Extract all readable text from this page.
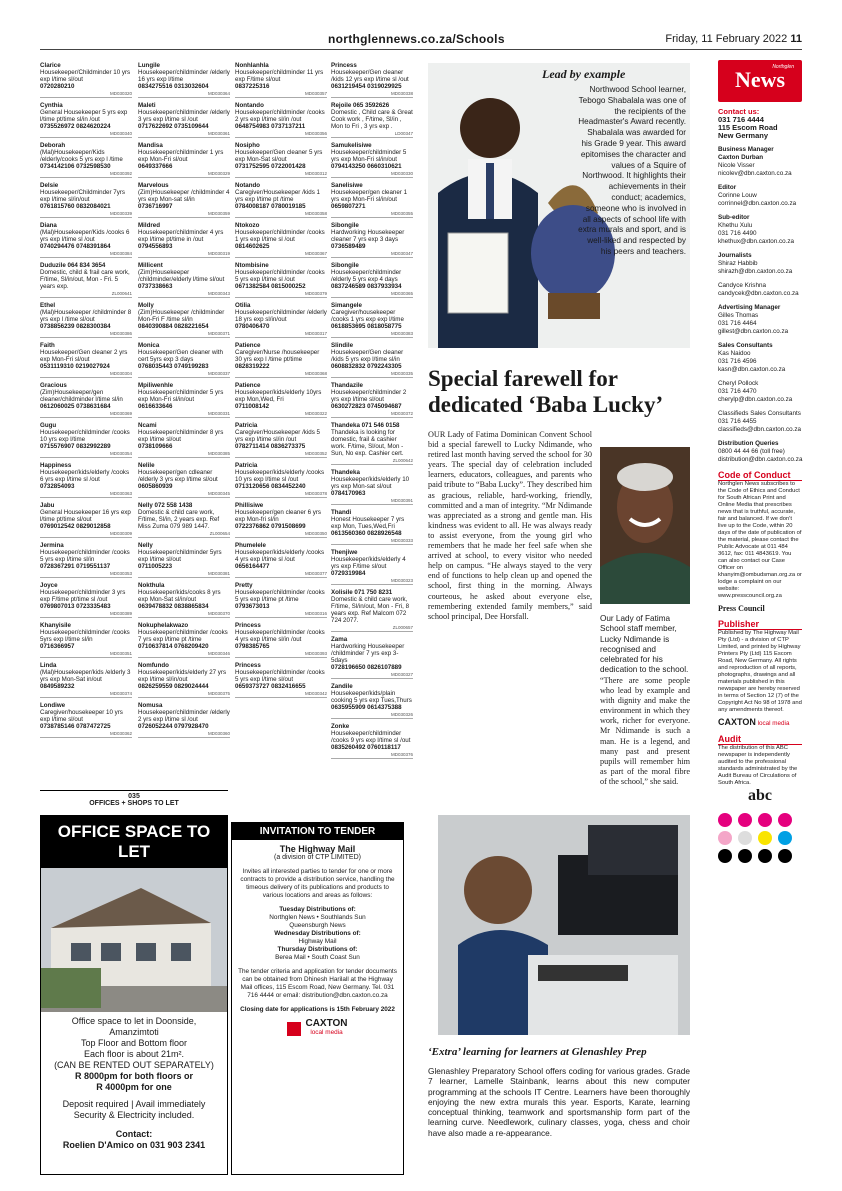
northglennews.co.za/Schools	Friday, 11 February 2022 11
Clarice
Housekeeper/Childminder 10 yrs exp l/time sl/out
0720280210
MD030320
Cynthia
General Housekeeper 5 yrs exp l/time pt/time sl/in /out
0735526972 0824620224
MD030340
Deborah
(Mal)Housekeeper/Kids /elderly/cooks 5 yrs exp l /time
0734142106 0732598530
MD030392
Delsie
Housekeeper/Childminder 7yrs exp l/time sl/in/out
0761815760 0832084021
MD030339
Diana
(Mal)Housekeeper/Kids /cooks 6 yrs exp l/time sl /out
0740294476 0748391864
MD030384
Duduzile 064 834 3654
Domestic, child & frail care work, F/time, Sl/in/out, Mon - Fri. 5 years exp.
ZL000641
Ethel
(Mal)Housekeeper /childminder 8 yrs exp l /time sl/out
0738856239 0828300384
MD030386
Faith
Housekeeper/Gen cleaner 2 yrs exp Mon-Fri sl/out
0531119310 0219027924
MD030304
Gracious
(Zim)Housekeeper/gen cleaner/childminder l/time sl/in
0612060025 0738631684
MD030369
Gugu
Housekeeper/childminder /cooks 10 yrs exp l/time
0715576907 0832992289
MD030354
Happiness
Housekeeper/kids/elderly /cooks 6 yrs exp l/time sl /out
0732854093
MD030363
Jabu
General Housekeeper 16 yrs exp l/time pt/time sl/out
0769012542 0829012858
MD030309
Jermina
Housekeeper/childminder /cooks 5 yrs exp l/time sl/in
0728367291 0719551137
MD030353
Joyce
Housekeeper/childminder 3 yrs exp F/time pt/time sl /out
0769807013 0723335483
MD030389
Khanyisile
Housekeeper/childminder /cooks 5yrs exp l/time sl/in
0716366957
MD030351
Linda
(Mal)Housekeeper/kids /elderly 3 yrs exp Mon-Sat in/out
0849589232
MD030374
Londiwe
Caregiver/housekeeper 10 yrs exp l/time sl/out
0738785146 0787472725
MD030362
Lungile
Housekeeper/childminder /elderly 16 yrs exp l/time
0834275516 0313032604
MD030364
Maleti
Housekeeper/childminder /elderly 3 yrs exp l/time sl /out
0717622692 0735109644
MD030361
Mandisa
Housekeeper/childminder 1 yrs exp Mon-Fri sl/out
0649337666
MD030329
Marvelous
(Zim)Housekeeper /childminder 4 yrs exp Mon-sat sl/in
0736716997
MD030359
Mildred
Housekeeper/childminder 4 yrs exp l/time pt/time in /out
0794556893
MD030319
Millicent
(Zim)Housekeeper /childminder/elderly l/time sl/out
0737338663
MD030343
Molly
(Zim)Housekeeper /childminder Mon-Fri F /time sl/in
0840390884 0828221654
MD030371
Monica
Housekeeper/Gen cleaner with cert 5yrs exp 3 days
0768035443 0749199283
MD030337
Mpiliwenhle
Housekeeper/childminder 5 yrs exp Mon-Fri sl/in/out
0616633646
MD030331
Ncami
Housekeeper/childminder 8 yrs exp l/time sl/out
0738109666
MD030385
Nelile
Housekeeper/gen cdleaner /elderly 3 yrs exp l/time sl/out
0605860939
MD030345
Nelly 072 558 1438
Domestic & child care work, F/time, Sl/in, 2 years exp. Ref Miss Zuma 079 989 1447.
ZL000654
Nelly
Housekeeper/childminder 5yrs exp l/time sl/out
0711005223
MD030381
Nokthula
Housekeeper/kids/cooks 8 yrs exp Mon-Sat sl/in/out
0639478832 0838865834
MD030370
Nokuphelakwazo
Housekeeper/childminder /cooks 7 yrs exp l/time pt /time
0710637814 0768209420
MD030346
Nomfundo
Housekeeper/kids/elderly 27 yrs exp l/time sl/in/out
0826259559 0829024444
MD030375
Nomusa
Housekeeper/childminder /elderly 2 yrs exp l/time sl /out
0726052244 0797928470
MD030360
Nonhlanhla
Housekeeper/childminder 11 yrs exp F/time sl/out
0837225316
MD030357
Nontando
Housekeeper/childminder /cooks 2 yrs exp l/time sl/in /out
0648754983 0737137211
MD030356
Nosipho
Housekeeper/Gen cleaner 5 yrs exp Mon-Sat sl/out
0731752595 0722001428
MD030312
Notando
Caregiver/Housekeeper /kids 1 yrs exp l/time pt /time
0784008187 0780019185
MD030358
Ntokozo
Housekeeper/childminder /cooks 1 yrs exp l/time sl /out
0814602625
MD030367
Ntombisine
Housekeeper/childminder /cooks 5 yrs exp l/time sl /out
0671382584 0815000252
MD030379
Otilia
Housekeeper/childminder /elderly 18 yrs exp sl/in/out
0780406470
MD030317
Patience
Caregiver/Nurse /housekeeper 30 yrs exp l /time pt/time
0828319222
MD030368
Patience
Housekeeper/kids/elderly 10yrs exp Mon,Wed, Fri
0711008142
MD030322
Patricia
Caregiver/Housekeeper /kids 5 yrs exp l/time sl/in /out
0782711414 0836273375
MD030352
Patricia
Housekeeper/kids/elderly /cooks 10 yrs exp l/time sl /out
0713120656 0834452240
MD030378
Phillisiwe
Housekeeper/gen cleaner 6 yrs exp Mon-fri sl/in
0722376862 0791508699
MD030350
Phumelele
Housekeeper/kids/elderly /cooks 4 yrs exp l/time sl /out
0656164477
MD030377
Pretty
Housekeeper/childminder /cooks 5 yrs exp l/time pt /time
0793673013
MD030316
Princess
Housekeeper/childminder /cooks 4 yrs exp l/time sl/in /out
0798385765
MD030393
Princess
Housekeeper/childminder /cooks 5 yrs exp l/time sl/out
0659373727 0832416655
MD030342
Princess
Housekeeper/Gen cleaner /kids 12 yrs exp l/time sl /out
0631219454 0319029925
MD030338
Rejoile 065 3592626
Domestic , Child care & Great Cook work , F/time, Sl/in , Mon to Fri , 3 yrs exp .
LD00347
Samukelisiwe
Housekeeper/childminder 5 yrs exp Mon-Fri sl/in/out
0794143250 0660310621
MD030330
Sanelisiwe
Housekeeper/gen cleaner 1 yrs exp Mon-Fri sl/in/out
0659807271
MD030355
Sibongile
Hardworking Housekeeper cleaner 7 yrs exp 3 days
0736589489
MD030347
Sibongile
Housekeeper/childminder /elderly 5 yrs exp 4 days
0837246589 0837933934
MD030365
Simangele
Caregiver/housekeeper /cooks 1 yrs exp exp l/time
0618853695 0818058775
MD030383
Slindile
Housekeeper/Gen cleaner /kids 5 yrs exp l/time sl/in
0608832832 0792243305
MD030335
Thandazile
Housekeeper/childminder 2 yrs exp l/time sl/out
0630272823 0745094687
MD030372
Thandeka 071 546 0158
Thandeka is looking for domestic, frail & cashier work. F/time, Sl/out, Mon - Sun, No exp. Cashier cert.
ZL000642
Thandeka
Housekeeper/kids/elderly 10 yrs exp Mon-sat sl/out
0784170963
MD030391
Thandi
Honest Housekeeper 7 yrs exp Mon, Tues,Wed,Fri
0613560360 0828926548
MD030333
Thenjiwe
Housekeeper/kids/elderly 4 yrs exp F/time sl/out
0729319984
MD030323
Xolisile 071 750 8231
Domestic & child care work, F/time, Sl/in/out, Mon - Fri, 8 years exp. Ref Malcom 072 724 2077.
ZL000657
Zama
Hardworking Housekeeper /childminder 7 yrs exp 3-5days
0728196650 0826107889
MD030327
Zandile
Housekeeper/kids/plain cooking 5 yrs exp Tues,Thurs
0635955909 0614375388
MD030326
Zonke
Housekeeper/childminder /cooks 9 yrs exp l/time sl /out
0835260492 0760118117
MD030376
035
OFFICES + SHOPS TO LET
OFFICE SPACE TO LET
Office space to let in Doonside, Amanzimtoti
Top Floor and Bottom floor
Each floor is about 21m².
(CAN BE RENTED OUT SEPARATELY)
R 8000pm for both floors or
R 4000pm for one
Deposit required | Avail immediately
Security & Electricity included.
Contact:
Roelien D'Amico on 031 903 2341
INVITATION TO TENDER
The Highway Mail
(a division of CTP LIMITED)
Invites all interested parties to tender for one or more contracts to provide a distribution service, handling the timeous delivery of its publications and products to various locations and areas as follows:
Tuesday Distributions of:
Northglen News • Southlands Sun
Queensburgh News
Wednesday Distributions of:
Highway Mail
Thursday Distributions of:
Berea Mail • South Coast Sun
The tender criteria and application for tender documents can be obtained from Dhinesh Harilall at the Highway Mail offices, 115 Escom Road, New Germany. Tel. 031 716 4444 or email: distribution@dbn.caxton.co.za
Closing date for applications is 15th February 2022
CAXTON
local media
Lead by example
Northwood School learner, Tebogo Shabalala was one of the recipients of the Headmaster's Award recently. Shabalala was awarded for his Grade 9 year. This award epitomises the character and values of a Squire of Northwood. It highlights their achievements in their conduct; academics, someone who is involved in all aspects of school life with extra murals and sport, and is well-liked and respected by his peers and teachers.
Special farewell for dedicated ‘Baba Lucky’
OUR Lady of Fatima Dominican Convent School bid a special farewell to Lucky Ndimande, who retired last month having served the school for 30 years. The special day of celebration included learners, educators, colleagues, and parents who paid tribute to “Baba Lucky”. They described him as gracious, reliable, hard-working, friendly, committed and a man of integrity. “Mr Ndimande was appreciated as a strong and gentle man. His kindness was evident to all. He was always ready to assist everyone, from the young girl who remembers that he made her feel safe when she arrived at school, to every visitor who needed help on campus. “He always stayed to the very end of functions to help clean up and opened the school, first thing in the morning. Always courteous, he asked about everyone else, remembering extended family members,” said school principal, Dee Horsfall.	Our Lady of Fatima School staff member, Lucky Ndimande is recognised and celebrated for his dedication to the school.
“There are some people who lead by example and with dignity and make the environment in which they work, richer for everyone. Mr Ndimande is such a man. He is a legend, and many past and present pupils will remember him as part of the moral fibre of the school,” she said.
‘Extra’ learning for learners at Glenashley Prep
Glenashley Preparatory School offers coding for various grades. Grade 7 learner, Lamelle Stainbank, learns about this new computer programming at the schools IT Centre. Learners have been thoroughly enjoying the new extra murals this year. Esports, Karate, learning conceptual thinking, teamwork and sportsmanship form part of the learning curve. Needlework, culinary classes, yoga, chess and choir have also made a re-appearance.
Northglen
News
Contact us:
031 716 4444
115 Escom Road
New Germany
Business Manager
Caxton Durban
Nicole Visser
nicolev@dbn.caxton.co.za
Editor
Corinne Louw
corrinnel@dbn.caxton.co.za
Sub-editor
Khethu Xulu
031 716 4490 khethux@dbn.caxton.co.za
Journalists
Shiraz Habbib
shirazh@dbn.caxton.co.za
Candyce Krishna
candycek@dbn.caxton.co.za
Advertising Manager
Gilles Thomas
031 716 4464 gillest@dbn.caxton.co.za
Sales Consultants
Kas Naidoo
031 716 4596 kasn@dbn.caxton.co.za
Cheryl Pollock
031 716 4470 cherylp@dbn.caxton.co.za
Classifieds Sales Consultants
031 716 4455 classifieds@dbn.caxton.co.za
Distribution Queries
0800 44 44 66 (toll free)
distribution@dbn.caxton.co.za
Code of Conduct
Northglen News subscribes to the Code of Ethics and Conduct for South African Print and Online Media that prescribes news that is truthful, accurate, fair and balanced. If we don't live up to the Code, within 20 days of the date of publication of the material, please contact the Public Advocate at 011 484 3612, fax: 011 4843619. You can also contact our Case Officer on khanyim@ombudsman.org.za or lodge a complaint on our website: www.presscouncil.org.za
Press Council
Publisher
Published by The Highway Mail Pty (Ltd) - a division of CTP Limited, and printed by Highway Printers Pty (Ltd) 115 Escom Road, New Germany. All rights and reproduction of all reports, photographs, drawings and all materials published in this newspaper are hereby reserved in terms of Section 12 (7) of the Copyright Act No 98 of 1978 and any amendments thereof.
CAXTON local media
Audit
The distribution of this ABC newspaper is independently audited to the professional standards administrated by the Audit Bureau of Circulations of South Africa.
abc
